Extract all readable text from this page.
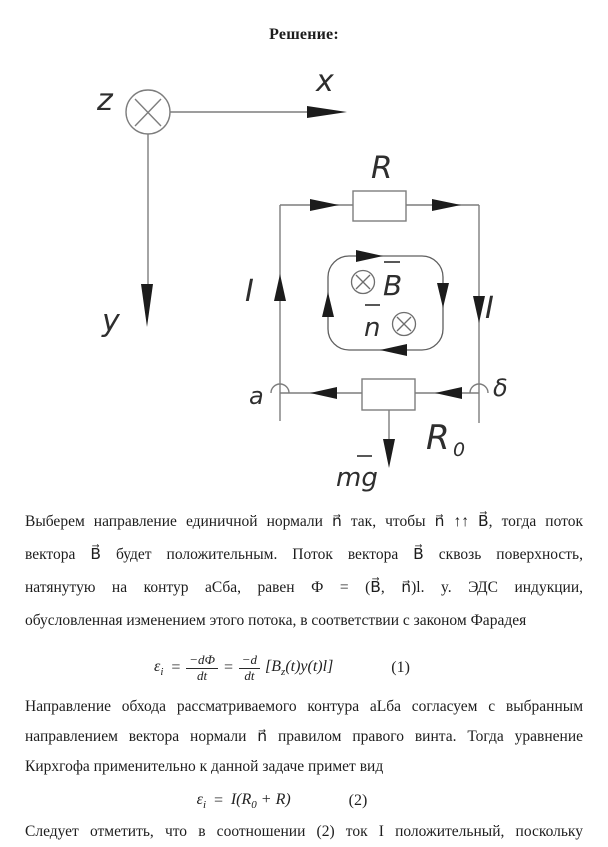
Решение:
z
x
y
R
R 0
mg
I	I
a	δ
B
n
Выберем направление единичной нормали n⃗ так, чтобы n⃗ ↑↑ B⃗, тогда поток
вектора B⃗ будет положительным. Поток вектора B⃗ сквозь поверхность,
натянутую на контур аСба, равен Ф = (B⃗, n⃗)l. y. ЭДС индукции,
обусловленная изменением этого потока, в соответствии с законом Фарадея
$\varepsilon_i = \frac{-dФ}{dt} = \frac{-d}{dt} [B_z(t)y(t)l]$	(1)
Направление обхода рассматриваемого контура aLба согласуем с выбранным
направлением вектора нормали n⃗ правилом правого винта. Тогда уравнение
Кирхгофа применительно к данной задаче примет вид
$\varepsilon_i = I(R_0 + R)$	(2)
Следует отметить, что в соотношении (2) ток I положительный, поскольку
